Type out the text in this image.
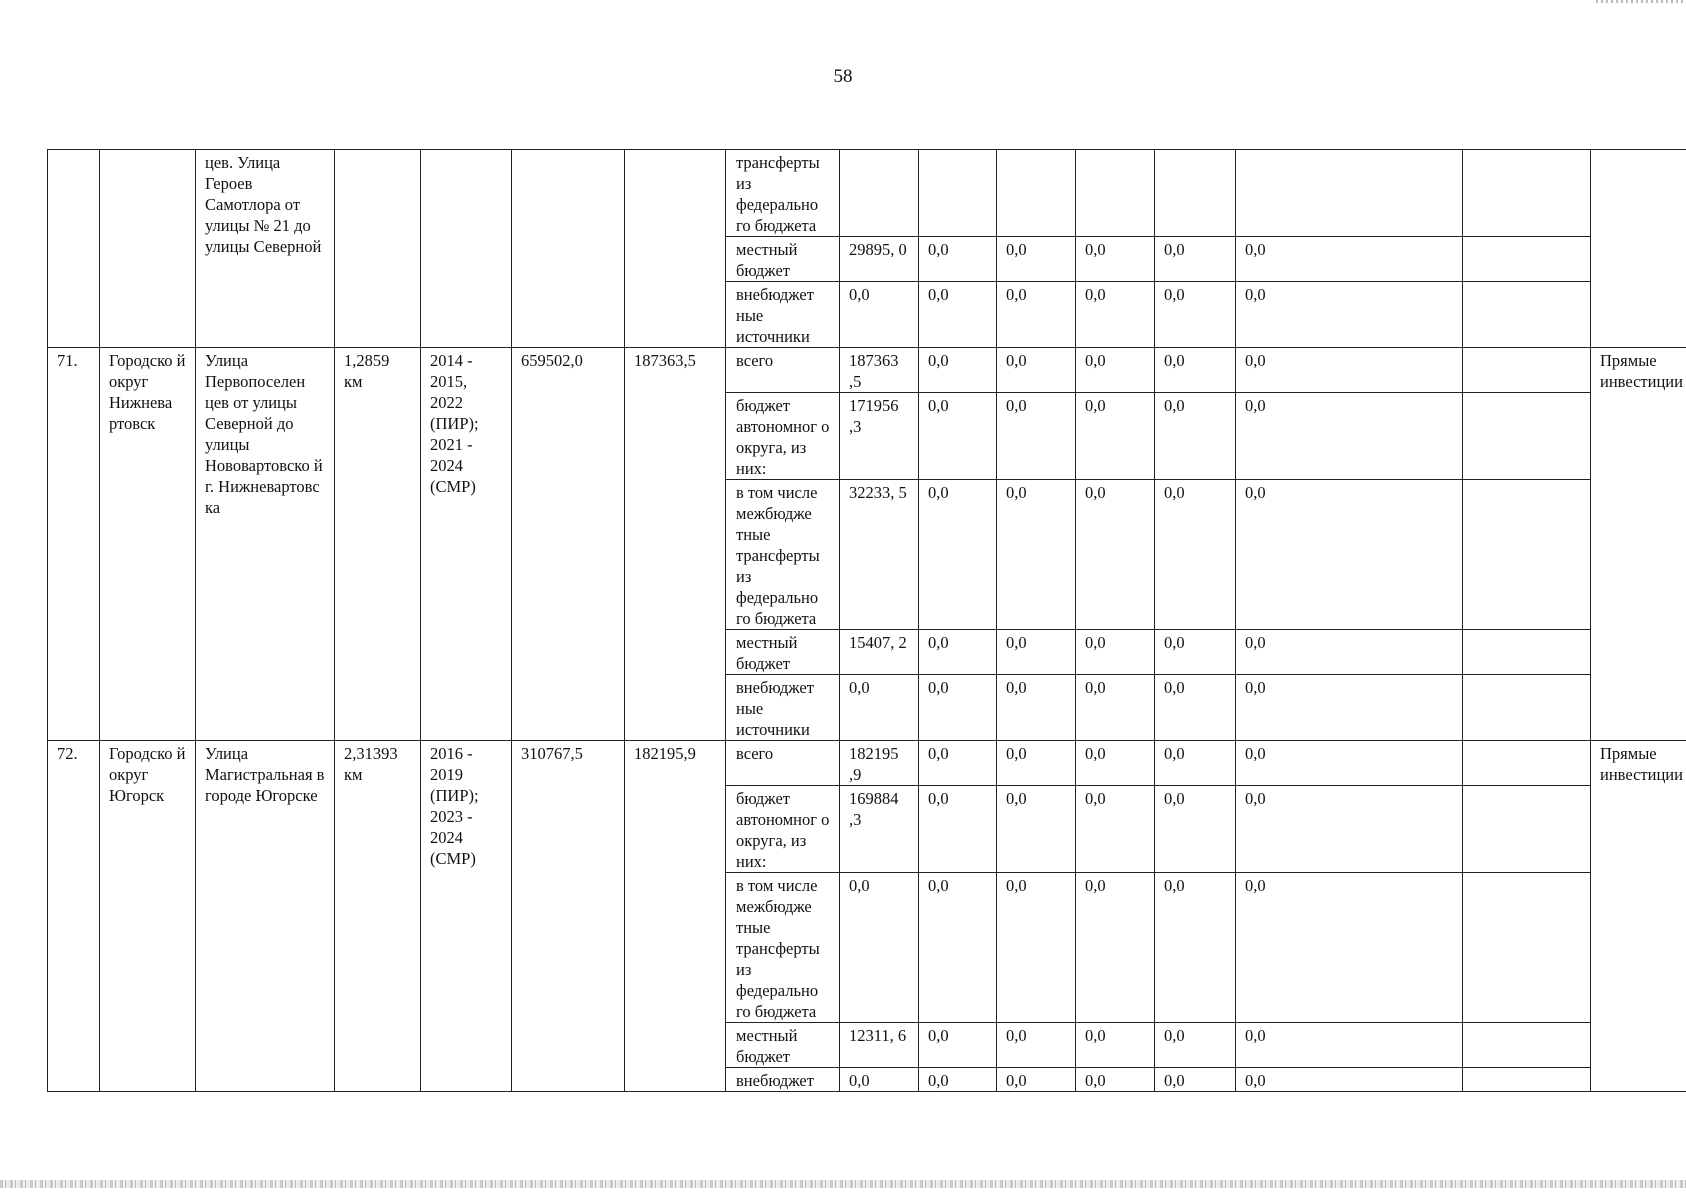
58
		цев. Улица Героев Самотлора от улицы № 21 до улицы Северной					трансферты из федерально го бюджета									
							местный бюджет	29895, 0	0,0	0,0	0,0	0,0	0,0			
							внебюджет ные источники	0,0	0,0	0,0	0,0	0,0	0,0			
71.	Городско й округ Нижнева ртовск	Улица Первопоселен цев от улицы Северной до улицы Нововартовско й г. Нижневартовс ка	1,2859 км	2014 - 2015, 2022 (ПИР); 2021 - 2024 (СМР)	659502,0	187363,5	всего	187363 ,5	0,0	0,0	0,0	0,0	0,0		Прямые инвестиции	
							бюджет автономног о округа, из них:	171956 ,3	0,0	0,0	0,0	0,0	0,0			
							в том числе межбюдже тные трансферты из федерально го бюджета	32233, 5	0,0	0,0	0,0	0,0	0,0			
							местный бюджет	15407, 2	0,0	0,0	0,0	0,0	0,0			
							внебюджет ные источники	0,0	0,0	0,0	0,0	0,0	0,0			
72.	Городско й округ Югорск	Улица Магистральная в городе Югорске	2,31393 км	2016 - 2019 (ПИР); 2023 - 2024 (СМР)	310767,5	182195,9	всего	182195 ,9	0,0	0,0	0,0	0,0	0,0		Прямые инвестиции	
							бюджет автономног о округа, из них:	169884 ,3	0,0	0,0	0,0	0,0	0,0			
							в том числе межбюдже тные трансферты из федерально го бюджета	0,0	0,0	0,0	0,0	0,0	0,0			
							местный бюджет	12311, 6	0,0	0,0	0,0	0,0	0,0			
							внебюджет	0,0	0,0	0,0	0,0	0,0	0,0			
